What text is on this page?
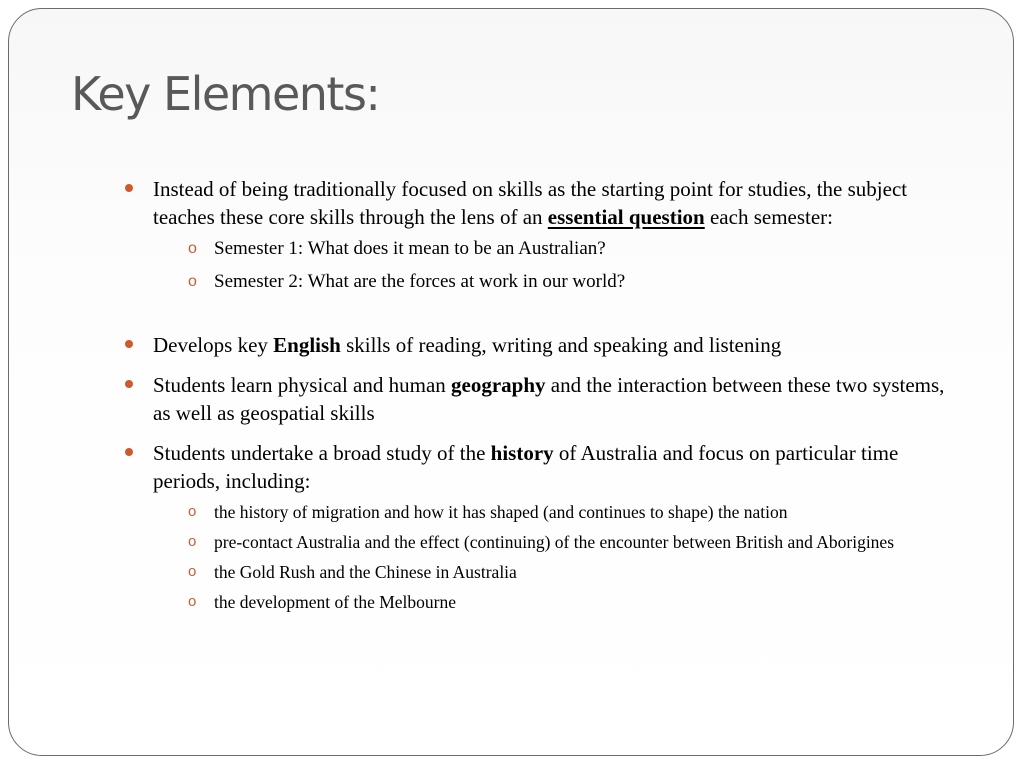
Key Elements:
Instead of being traditionally focused on skills as the starting point for studies, the subject teaches these core skills through the lens of an essential question each semester:
o Semester 1: What does it mean to be an Australian?
o Semester 2: What are the forces at work in our world?
Develops key English skills of reading, writing and speaking and listening
Students learn physical and human geography and the interaction between these two systems, as well as geospatial skills
Students undertake a broad study of the history of Australia and focus on particular time periods, including:
o the history of migration and how it has shaped (and continues to shape) the nation
o pre-contact Australia and the effect (continuing) of the encounter between British and Aborigines
o the Gold Rush and the Chinese in Australia
o the development of the Melbourne
